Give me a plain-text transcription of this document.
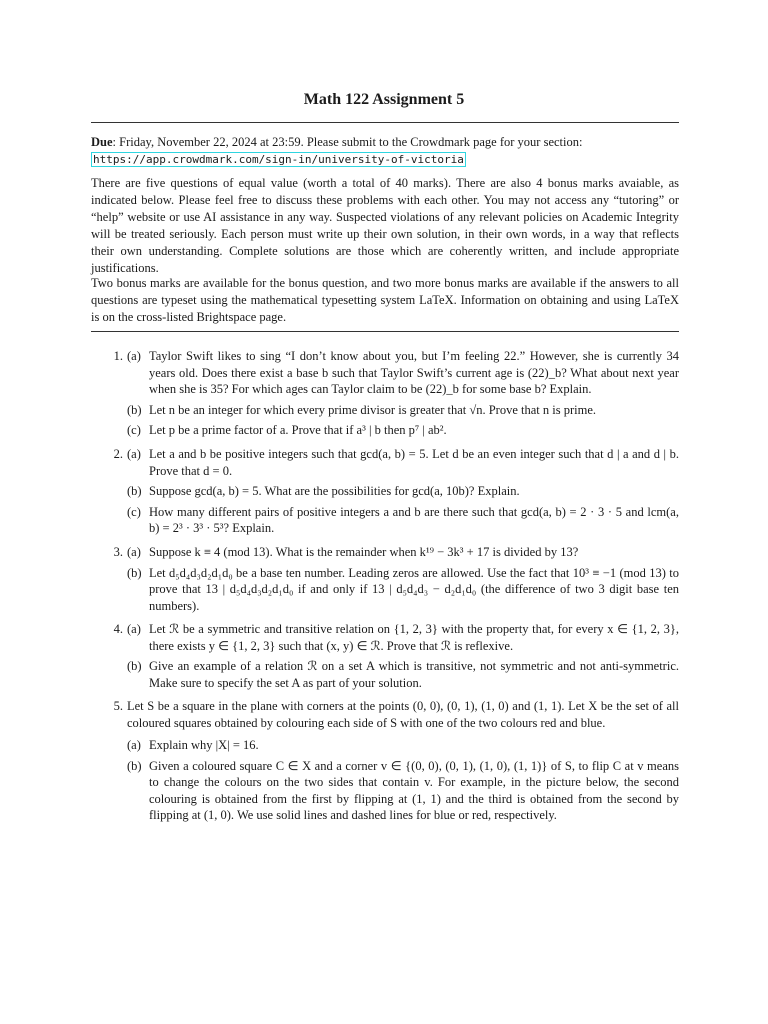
Math 122 Assignment 5
Due: Friday, November 22, 2024 at 23:59. Please submit to the Crowdmark page for your section:
https://app.crowdmark.com/sign-in/university-of-victoria
There are five questions of equal value (worth a total of 40 marks). There are also 4 bonus marks avaiable, as indicated below. Please feel free to discuss these problems with each other. You may not access any “tutoring” or “help” website or use AI assistance in any way. Suspected violations of any relevant policies on Academic Integrity will be treated seriously. Each person must write up their own solution, in their own words, in a way that reflects their own understanding. Complete solutions are those which are coherently written, and include appropriate justifications.
Two bonus marks are available for the bonus question, and two more bonus marks are available if the answers to all questions are typeset using the mathematical typesetting system LaTeX. Information on obtaining and using LaTeX is on the cross-listed Brightspace page.
1. (a) Taylor Swift likes to sing “I don’t know about you, but I’m feeling 22.” However, she is currently 34 years old. Does there exist a base b such that Taylor Swift’s current age is (22)_b? What about next year when she is 35? For which ages can Taylor claim to be (22)_b for some base b? Explain.
(b) Let n be an integer for which every prime divisor is greater that √n. Prove that n is prime.
(c) Let p be a prime factor of a. Prove that if a³ | b then p⁷ | ab².
2. (a) Let a and b be positive integers such that gcd(a, b) = 5. Let d be an even integer such that d | a and d | b. Prove that d = 0.
(b) Suppose gcd(a, b) = 5. What are the possibilities for gcd(a, 10b)? Explain.
(c) How many different pairs of positive integers a and b are there such that gcd(a, b) = 2 · 3 · 5 and lcm(a, b) = 2³ · 3³ · 5³? Explain.
3. (a) Suppose k ≡ 4 (mod 13). What is the remainder when k¹⁹ − 3k³ + 17 is divided by 13?
(b) Let d₅d₄d₃d₂d₁d₀ be a base ten number. Leading zeros are allowed. Use the fact that 10³ ≡ −1 (mod 13) to prove that 13 | d₅d₄d₃d₂d₁d₀ if and only if 13 | d₅d₄d₃ − d₂d₁d₀ (the difference of two 3 digit base ten numbers).
4. (a) Let ℛ be a symmetric and transitive relation on {1, 2, 3} with the property that, for every x ∈ {1, 2, 3}, there exists y ∈ {1, 2, 3} such that (x, y) ∈ ℛ. Prove that ℛ is reflexive.
(b) Give an example of a relation ℛ on a set A which is transitive, not symmetric and not anti-symmetric. Make sure to specify the set A as part of your solution.
5. Let S be a square in the plane with corners at the points (0, 0), (0, 1), (1, 0) and (1, 1). Let X be the set of all coloured squares obtained by colouring each side of S with one of the two colours red and blue.
(a) Explain why |X| = 16.
(b) Given a coloured square C ∈ X and a corner v ∈ {(0, 0), (0, 1), (1, 0), (1, 1)} of S, to flip C at v means to change the colours on the two sides that contain v. For example, in the picture below, the second colouring is obtained from the first by flipping at (1, 1) and the third is obtained from the second by flipping at (1, 0). We use solid lines and dashed lines for blue or red, respectively.
